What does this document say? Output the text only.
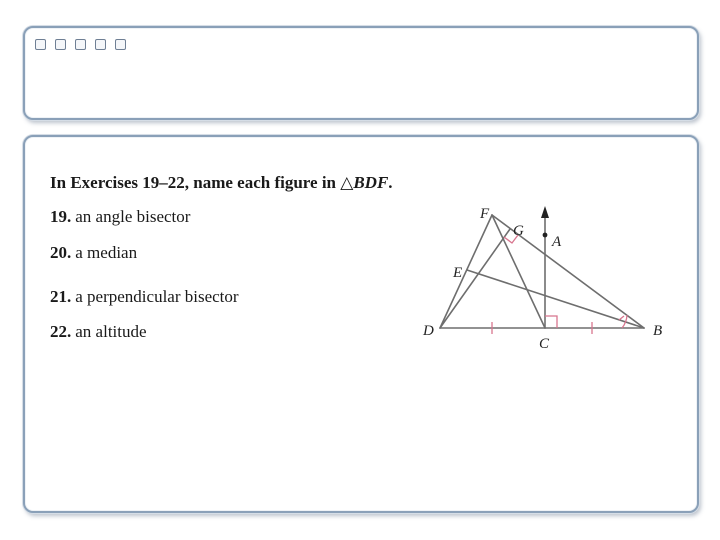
In Exercises 19–22, name each figure in △BDF.

19. an angle bisector
20. a median
21. a perpendicular bisector
22. an altitude
F
G
A
E
D
C
B
